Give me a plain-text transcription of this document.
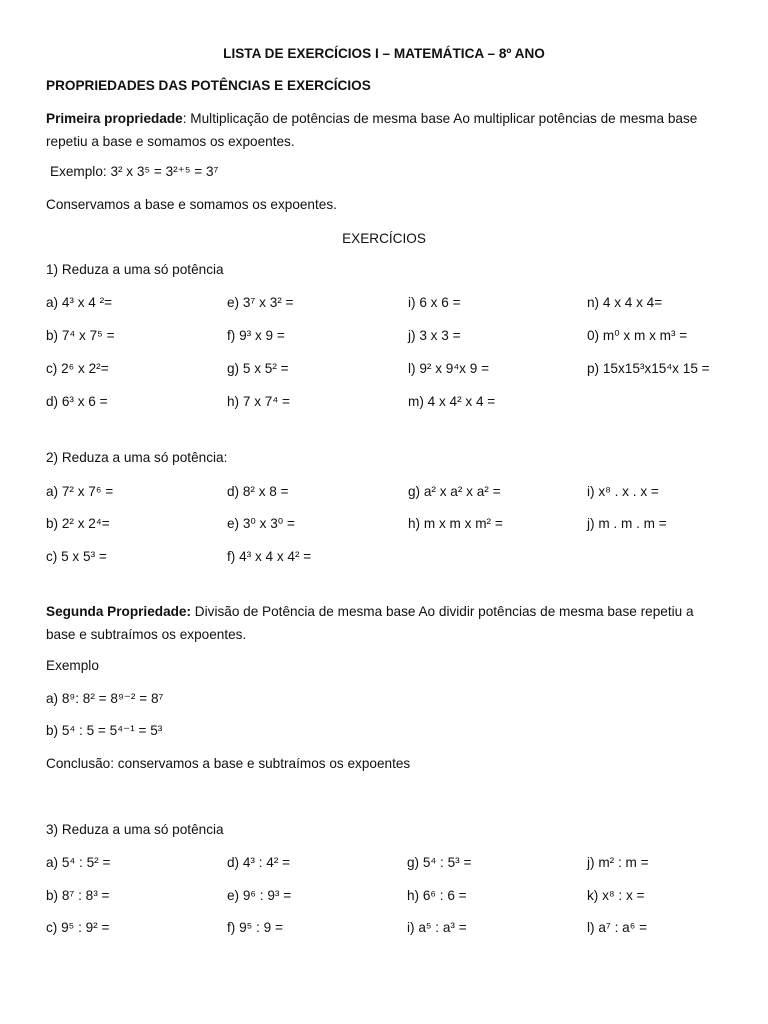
LISTA DE EXERCÍCIOS I – MATEMÁTICA – 8º ANO
PROPRIEDADES DAS POTÊNCIAS E EXERCÍCIOS
Primeira propriedade: Multiplicação de potências de mesma base Ao multiplicar potências de mesma base repetiu a base e somamos os expoentes.
Exemplo: 3² x 3⁵ = 3²⁺⁵ = 3⁷
Conservamos a base e somamos os expoentes.
EXERCÍCIOS
1) Reduza a uma só potência
a) 4³ x 4 ²=	e) 3⁷ x 3² =	i) 6 x 6 =	n) 4 x 4 x 4=
b) 7⁴ x 7⁵ =	f) 9³ x 9 =	j) 3 x 3 =	0) m⁰ x m x m³ =
c) 2⁶ x 2²=	g) 5 x 5² =	l) 9² x 9⁴x 9 =	p) 15x15³x15⁴x 15 =
d) 6³ x 6 =	h) 7 x 7⁴ =	m) 4 x 4² x 4 =
2) Reduza a uma só potência:
a) 7² x 7⁶ =	d) 8² x 8 =	g) a² x a² x a² =	i) x⁸ . x . x =
b) 2² x 2⁴=	e) 3⁰ x 3⁰ =	h) m x m x m² =	j) m . m . m =
c) 5 x 5³ =	f) 4³ x 4 x 4² =
Segunda Propriedade: Divisão de Potência de mesma base Ao dividir potências de mesma base repetiu a base e subtraímos os expoentes.
Exemplo
a) 8⁹: 8² = 8⁹⁻² = 8⁷
b) 5⁴ : 5 = 5⁴⁻¹ = 5³
Conclusão: conservamos a base e subtraímos os expoentes
3) Reduza a uma só potência
a) 5⁴ : 5² =	d) 4³ : 4² =	g) 5⁴ : 5³ =	j) m² : m =
b) 8⁷ : 8³ =	e) 9⁶ : 9³ =	h) 6⁶ : 6 =	k) x⁸ : x =
c) 9⁵ : 9² =	f) 9⁵ : 9 =	i) a⁵ : a³ =	l) a⁷ : a⁶ =
